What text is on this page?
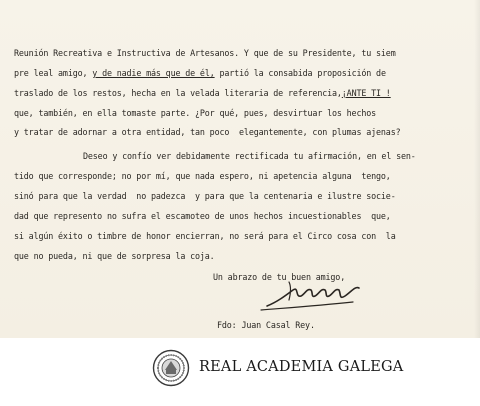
Reunión Recreativa e Instructiva de Artesanos. Y que de su Presidente, tu siem
pre leal amigo, y de nadie más que de él, partió la consabida proposición de
traslado de los restos, hecha en la velada literaria de referencia,¡ANTE TI !
que, también, en ella tomaste parte. ¿Por qué, pues, desvirtuar los hechos
y tratar de adornar a otra entidad, tan poco  elegantemente, con plumas ajenas?
Deseo y confío ver debidamente rectificada tu afirmación, en el sen-
tido que corresponde; no por mí, que nada espero, ni apetencia alguna  tengo,
sinó para que la verdad  no padezca  y para que la centenaria e ilustre socie-
dad que represento no sufra el escamoteo de unos hechos incuestionables  que,
si algún éxito o timbre de honor encierran, no será para el Circo cosa con  la
que no pueda, ni que de sorpresa la coja.
Un abrazo de tu buen amigo,
Fdo: Juan Casal Rey.
REAL ACADEMIA GALEGA
